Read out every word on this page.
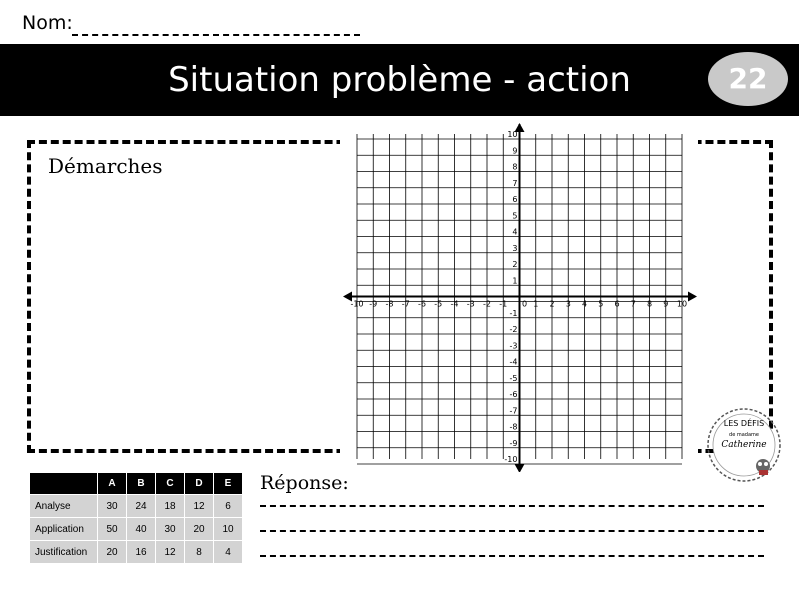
Nom:
Situation problème - action	22
Démarches
-10 -9 -8 -7 -6 -5 -4 -3 -2 -1 0 1 2 3 4 5 6 7 8 9 10
10
9
8
7
6
5
4
3
2
1
-1
-2
-3
-4
-5
-6
-7
-8
-9
-10
LES DÉFIS
de madame
Catherine
	A	B	C	D	E
Analyse	30	24	18	12	6
Application	50	40	30	20	10
Justification	20	16	12	8	4
Réponse:
